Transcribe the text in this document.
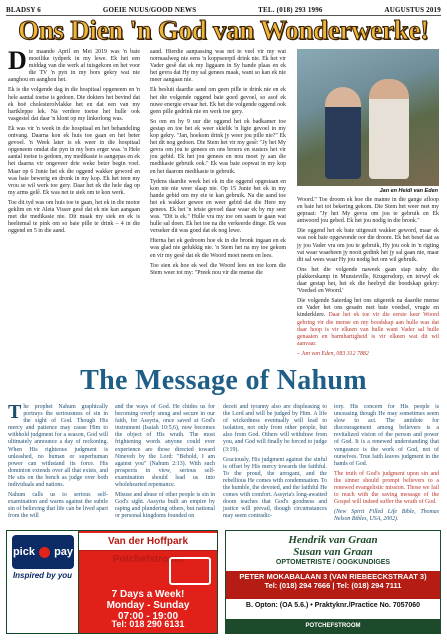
BLADSY 6	GOEIE NUUS/GOOD NEWS	TEL. (018) 293 1996	AUGUSTUS 2019
Ons Dien 'n God van Wonderwerke!

Die maande April en Mei 2019 was 'n baie moeilike tydperk in my lewe. Ek het een middag van die werk af tuisgekom en het voor die TV 'n pyn in my bors gekry wat nie aanghou en aanghou het.

Ek is die volgende dag in die hospitaal opgeneem en 'n hele aantal toetse is gedoen. Die dokters het bevind dat ek hoë cholesterolvlakke het en dat een van my hartkleppe lek. Na verdere toetse het hulle ook vasgestel dat daar 'n klont op my linkerlong was.

Ek was vir 'n week in die hospitaal en het behandeling ontvang. Daarna kon ek huis toe gaan en het beter gevoel. 'n Week later is ek weer in die hospitaal opgeneem omdat die pyn in my bors erger was. 'n Hele aantal toetse is gedoen, my medikasie is aangepas en ek het daarna vir ongeveer drie weke beter begin voel. Maar op 6 Junie het ek die oggend wakker geword en was baie bewerig en dronk in my kop. Ek het teen my vrou se wil werk toe gery. Daar het ek die hele dag op my arms gelê. Ek was net te siek om te kon werk.

Toe dit tyd was om huis toe te gaan, het ek in die motor geklim en vir Aleta Visser gesê dat ek nie kan aangaan met die medikasie nie. Dit maak my siek en ek is heeltemal te pink om so baie pille te drink – 4 in die oggend en 5 in die aand.

aand. Hierdie aanpassing was net te veel vir my wat normaalweg nie eens 'n koppseerpil drink nie. Ek het vir Vader gesê dat ek my liggaam in Sy hande plaas en ek het gevra dat Hy my sal genees maak, want so kan ek nie meer aangaan nie.

Ek besluit daardie aand om geen pille te drink nie en ek het die volgende oggend baie goed gevoel, so asof ek nuwe energie ervaar het. Ek het die volgende oggend ook geen pille gedrink nie en werk toe gery.

So om en by 9 uur die oggend het ek badkamer toe gestap en toe het ek weer skielik 'n ligte gevoel in my kop gekry. "Jan, hoekom drink jy weer jou pille nie?" Ek het dit nog gedoen. Die Stem het vir my gesê: "Jy het My gevra om jou te genees en ons broers en susters het vir jou gebid. Ek het jou genees en nou moet jy aan die medikasie gebruik ook." Ek was baie oopwat in my kop en het daarom medikasie te gebruik.

Tydens daardie week het ek in die oggend opgestaan en kon nie nie weer slaap nie. Op 15 Junie het ek in my hande gebid om my eie te kan gebruik. Na die aand toe het ek wakker gewee en weer gebid dat die Here my genees. Ek het 'n ietsie gevoel daar waar ek by my seer was. "Dit is ek." Hulle vra my toe om saam te gaan wat hulle sal doen. Ek het toe na die verkeerde dinge. Ek was verseker dit was goed dat ek nog lewe.

Hierna het ek gedroom hoe ek in die bronk ingaan en ek was glad nie gelukkig nie. 'n Stem het na my toe gekom en vir my gesê dat ek die Woord moet neem en lees.

Toe sien ek hoe ek wel die Woord lees en toe kom die Stem weer tot my: "Preek nou vir die mense die

Jan en Heidi van Eden

Woord." Toe droom ek hoe die manne in die gange afloop en baie het tot bekering gekom. Die Stem het weer met my gepraat: "Jy het My gevra om jou te gebruik en Ek antwoord jou gebed. Ek het jou nodig in die bronk."

Die oggend het ek baie uitgesuit wakker geword, maar ek was ook baie opgewonde oor die droom. Ek het besef dat as jy jou Vader vra om jou te gebruik, Hy jou ook in 'n rigting vat waar waarheen jy nooit gedink het jy sal gaan nie, maar dit sal wees waar Hy jou nodig het om wil gebruik.

Ons het die volgende naweek gaan stap naby die plakkerskamp in Munsieville, Krugersdorp, en terwyl ek daar gestap het, het ek die heelryd die boodskap gekry: 'Voedsel en Woord.'

Die volgende Saterdag het ons uitgereik na daardie mense en Vader het ons gesaën met baie voedsel, vrugte en kinderklere. Daar het ek toe vir die eerste keer Woord gebring vir die mense en my boodskap aan hulle was dat daar hoop is vir elkeen van hulle want Vader sal hulle genaaien en barmhartigheid is vir elkeen wat dit wil aanvaar.

– Jan van Eden, 083 312 7882

The Message of Nahum

The prophet Nahum graphically portrays the seriousness of sin in the sight of God. Though His mercy and patience may cause Him to withhold judgment for a season, God will ultimately announce a day of reckoning. When His righteous judgment is unleashed, no human or superhuman power can withstand its force. His dominion extends over all that exists, and He sits on the bench as judge over both individuals and nations.

Nahum calls us to serious self-examination and warns against the subtle sin of believing that life can be lived apart from the will

and the ways of God. He chides us for becoming overly smug and secure in our faith, for Assyria, once saved at God's instrument (Isaiah 10:5,6), now becomes the object of His wrath. The most frightening words anyone could ever experience are those directed toward Nineveh by the Lord: "Behold, I am against you" (Nahum 2:13). With such prospects in view, serious self-examination should lead us into wholehearted repentance.

Misuse and abuse of other people is sin in God's sight. Assyria built an empire by raping and plundering others, but national or personal kingdoms founded on

deceit and tyranny also are displeasing to the Lord and will be judged by Him. A life of wickedness eventually will lead to isolation, not only from other people, but also from God. Others will withdraw from you, and God will finally be forced to judge (3:19).

Graciously, His judgment against the sinful is offset by His mercy towards the faithful. To the proud, the arrogant, and the rebellious He comes with condemnation. To the humble, the devoted, and the faithful He comes with comfort. Assyria's long-awaited doom teaches that God's goodness and justice will prevail, though circumstances may seem contradic-

tory. His concern for His people is unceasing though He may sometimes seem slow to act. The antidote for discouragement among believers is a revitalized vision of the person and power of God. It is a renewed understanding that vengeance is the work of God, not of ourselves. True faith leaves judgment in the hands of God.

The truth of God's judgment upon sin and the sinner should prompt believers to a renewed evangelistic mission. Those we fail to reach with the saving message of the Gospel will indeed suffer the wrath of God.

(New Spirit Filled Life Bible, Thomas Nelson Bibles, USA, 2002).

pick  pay
Inspired by you
Van der Hoffpark Potchefstroom
7 Days a Week!
Monday - Sunday
07:00 - 19:00
Tel: 018 290 6131
Hendrik van Graan
Susan van Graan
OPTOMETRISTE / OOGKUNDIGES
PETER MOKABALAAN 3 (VAN RIEBEECKSTRAAT 3)
Tel: (018) 294 7666 | Tel: (018) 294 7111
B. Opton: (OA 5.6.) • Praktyknr./Practice No. 7057060
POTCHEFSTROOM
